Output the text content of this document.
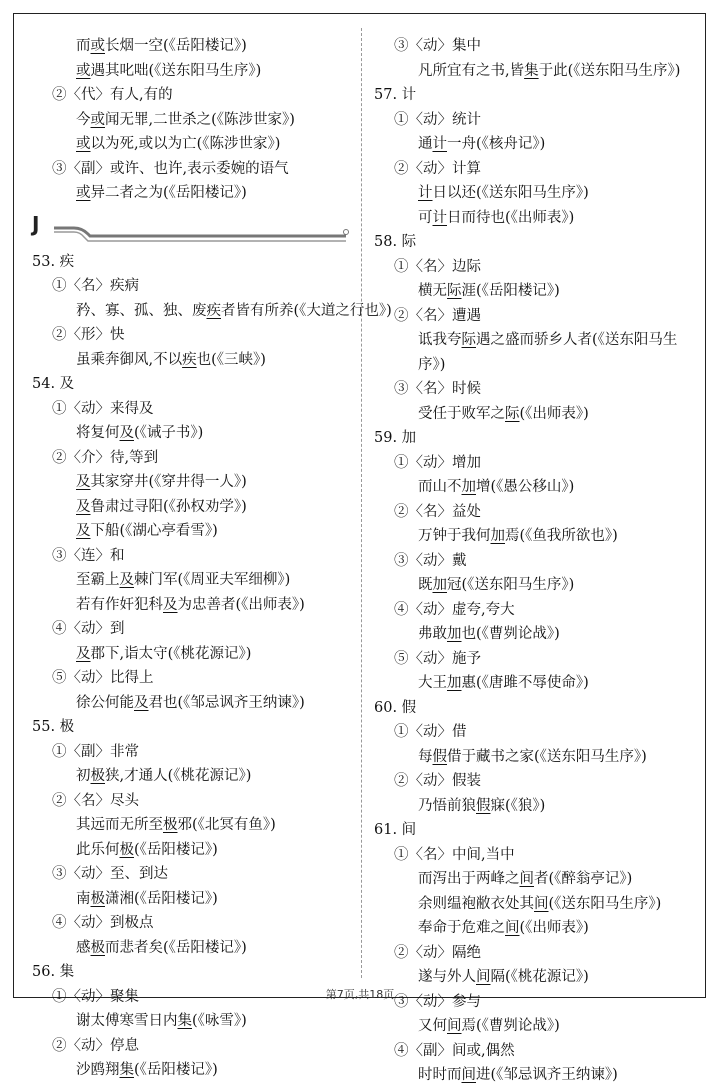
而或长烟一空(《岳阳楼记》)
或遇其叱咄(《送东阳马生序》)
②〈代〉有人,有的
今或闻无罪,二世杀之(《陈涉世家》)
或以为死,或以为亡(《陈涉世家》)
③〈副〉或许、也许,表示委婉的语气
或异二者之为(《岳阳楼记》)
J
53. 疾
①〈名〉疾病
矜、寡、孤、独、废疾者皆有所养(《大道之行也》)
②〈形〉快
虽乘奔御风,不以疾也(《三峡》)
54. 及
①〈动〉来得及
将复何及(《诫子书》)
②〈介〉待,等到
及其家穿井(《穿井得一人》)
及鲁肃过寻阳(《孙权劝学》)
及下船(《湖心亭看雪》)
③〈连〉和
至霸上及棘门军(《周亚夫军细柳》)
若有作奸犯科及为忠善者(《出师表》)
④〈动〉到
及郡下,诣太守(《桃花源记》)
⑤〈动〉比得上
徐公何能及君也(《邹忌讽齐王纳谏》)
55. 极
①〈副〉非常
初极狭,才通人(《桃花源记》)
②〈名〉尽头
其远而无所至极邪(《北冥有鱼》)
此乐何极(《岳阳楼记》)
③〈动〉至、到达
南极潇湘(《岳阳楼记》)
④〈动〉到极点
感极而悲者矣(《岳阳楼记》)
56. 集
①〈动〉聚集
谢太傅寒雪日内集(《咏雪》)
②〈动〉停息
沙鸥翔集(《岳阳楼记》)
③〈动〉集中
凡所宜有之书,皆集于此(《送东阳马生序》)
57. 计
①〈动〉统计
通计一舟(《核舟记》)
②〈动〉计算
计日以还(《送东阳马生序》)
可计日而待也(《出师表》)
58. 际
①〈名〉边际
横无际涯(《岳阳楼记》)
②〈名〉遭遇
诋我夸际遇之盛而骄乡人者(《送东阳马生序》)
③〈名〉时候
受任于败军之际(《出师表》)
59. 加
①〈动〉增加
而山不加增(《愚公移山》)
②〈名〉益处
万钟于我何加焉(《鱼我所欲也》)
③〈动〉戴
既加冠(《送东阳马生序》)
④〈动〉虚夸,夸大
弗敢加也(《曹刿论战》)
⑤〈动〉施予
大王加惠(《唐雎不辱使命》)
60. 假
①〈动〉借
每假借于藏书之家(《送东阳马生序》)
②〈动〉假装
乃悟前狼假寐(《狼》)
61. 间
①〈名〉中间,当中
而泻出于两峰之间者(《醉翁亭记》)
余则缊袍敝衣处其间(《送东阳马生序》)
奉命于危难之间(《出师表》)
②〈动〉隔绝
遂与外人间隔(《桃花源记》)
③〈动〉参与
又何间焉(《曹刿论战》)
④〈副〉间或,偶然
时时而间进(《邹忌讽齐王纳谏》)
第7页,共18页
